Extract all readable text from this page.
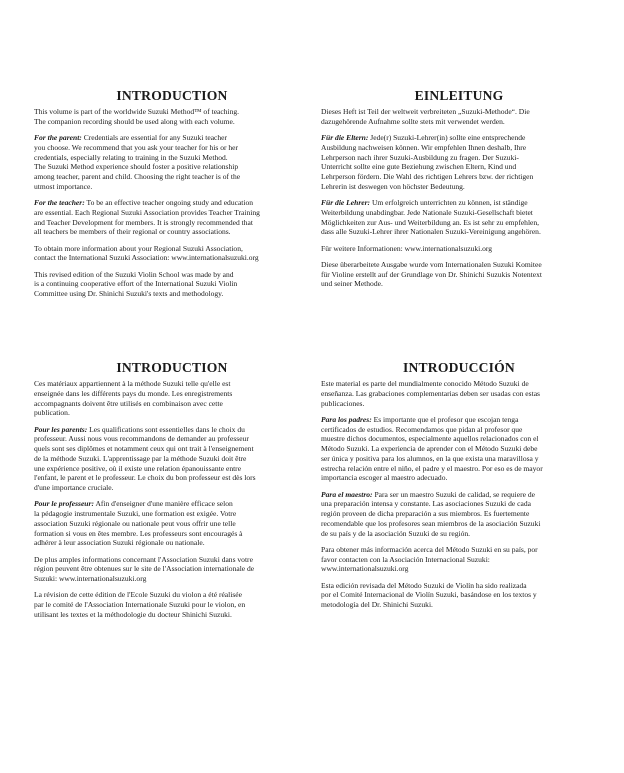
INTRODUCTION

This volume is part of the worldwide Suzuki Method™ of teaching.
The companion recording should be used along with each volume.

For the parent: Credentials are essential for any Suzuki teacher
you choose. We recommend that you ask your teacher for his or her
credentials, especially relating to training in the Suzuki Method.
The Suzuki Method experience should foster a positive relationship
among teacher, parent and child. Choosing the right teacher is of the
utmost importance.

For the teacher: To be an effective teacher ongoing study and education
are essential. Each Regional Suzuki Association provides Teacher Training
and Teacher Development for members. It is strongly recommended that
all teachers be members of their regional or country associations.

To obtain more information about your Regional Suzuki Association,
contact the International Suzuki Association: www.internationalsuzuki.org

This revised edition of the Suzuki Violin School was made by and
is a continuing cooperative effort of the International Suzuki Violin
Committee using Dr. Shinichi Suzuki's texts and methodology.

EINLEITUNG

Dieses Heft ist Teil der weltweit verbreiteten „Suzuki-Methode“. Die
dazugehörende Aufnahme sollte stets mit verwendet werden.

Für die Eltern: Jede(r) Suzuki-Lehrer(in) sollte eine entsprechende
Ausbildung nachweisen können. Wir empfehlen Ihnen deshalb, Ihre
Lehrperson nach ihrer Suzuki-Ausbildung zu fragen. Der Suzuki-
Unterricht sollte eine gute Beziehung zwischen Eltern, Kind und
Lehrperson fördern. Die Wahl des richtigen Lehrers bzw. der richtigen
Lehrerin ist deswegen von höchster Bedeutung.

Für die Lehrer: Um erfolgreich unterrichten zu können, ist ständige
Weiterbildung unabdingbar. Jede Nationale Suzuki-Gesellschaft bietet
Möglichkeiten zur Aus- und Weiterbildung an. Es ist sehr zu empfehlen,
dass alle Suzuki-Lehrer ihrer Nationalen Suzuki-Vereinigung angehören.

Für weitere Informationen: www.internationalsuzuki.org

Diese überarbeitete Ausgabe wurde vom Internationalen Suzuki Komitee
für Violine erstellt auf der Grundlage von Dr. Shinichi Suzukis Notentext
und seiner Methode.

INTRODUCTION

Ces matériaux appartiennent à la méthode Suzuki telle qu'elle est
enseignée dans les différents pays du monde. Les enregistrements
accompagnants doivent être utilisés en combinaison avec cette
publication.

Pour les parents: Les qualifications sont essentielles dans le choix du
professeur. Aussi nous vous recommandons de demander au professeur
quels sont ses diplômes et notamment ceux qui ont trait à l'enseignement
de la méthode Suzuki. L'apprentissage par la méthode Suzuki doit être
une expérience positive, où il existe une relation épanouissante entre
l'enfant, le parent et le professeur. Le choix du bon professeur est dès lors
d'une importance cruciale.

Pour le professeur: Afin d'enseigner d'une manière efficace selon
la pédagogie instrumentale Suzuki, une formation est exigée. Votre
association Suzuki régionale ou nationale peut vous offrir une telle
formation si vous en êtes membre. Les professeurs sont encouragés à
adhérer à leur association Suzuki régionale ou nationale.

De plus amples informations concernant l'Association Suzuki dans votre
région peuvent être obtenues sur le site de l'Association internationale de
Suzuki: www.internationalsuzuki.org

La révision de cette édition de l'Ecole Suzuki du violon a été réalisée
par le comité de l'Association Internationale Suzuki pour le violon, en
utilisant les textes et la méthodologie du docteur Shinichi Suzuki.

INTRODUCCIÓN

Este material es parte del mundialmente conocido Método Suzuki de
enseñanza. Las grabaciones complementarias deben ser usadas con estas
publicaciones.

Para los padres: Es importante que el profesor que escojan tenga
certificados de estudios. Recomendamos que pidan al profesor que
muestre dichos documentos, especialmente aquellos relacionados con el
Método Suzuki. La experiencia de aprender con el Método Suzuki debe
ser única y positiva para los alumnos, en la que exista una maravillosa y
estrecha relación entre el niño, el padre y el maestro. Por eso es de mayor
importancia escoger al maestro adecuado.

Para el maestro: Para ser un maestro Suzuki de calidad, se requiere de
una preparación intensa y constante. Las asociaciones Suzuki de cada
región proveen de dicha preparación a sus miembros. Es fuertemente
recomendable que los profesores sean miembros de la asociación Suzuki
de su país y de la asociación Suzuki de su región.

Para obtener más información acerca del Método Suzuki en su país, por
favor contacten con la Asociación Internacional Suzuki:
www.internationalsuzuki.org

Esta edición revisada del Método Suzuki de Violín ha sido realizada
por el Comité Internacional de Violín Suzuki, basándose en los textos y
metodología del Dr. Shinichi Suzuki.
